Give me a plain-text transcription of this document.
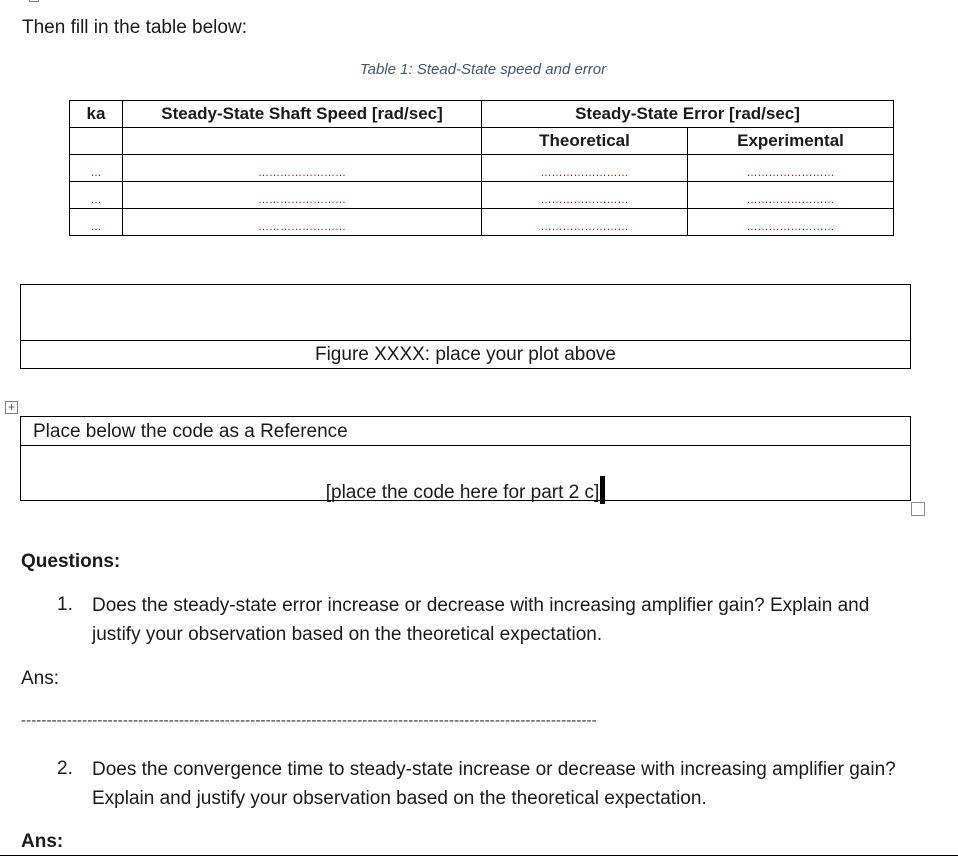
Then fill in the table below:
Table 1: Stead-State speed and error
ka	Steady-State Shaft Speed [rad/sec]	Steady-State Error [rad/sec]	
		Theoretical	Experimental
…	……………………	……………………	……………………
…	……………………	……………………	……………………
…	……………………	……………………	……………………
Figure XXXX: place your plot above
+
Place below the code as a Reference
[place the code here for part 2 c]
Questions:
1. Does the steady-state error increase or decrease with increasing amplifier gain? Explain and
justify your observation based on the theoretical expectation.
Ans:
-----------------------------------------------------------------------------------------------------------------
2. Does the convergence time to steady-state increase or decrease with increasing amplifier gain?
Explain and justify your observation based on the theoretical expectation.
Ans:
